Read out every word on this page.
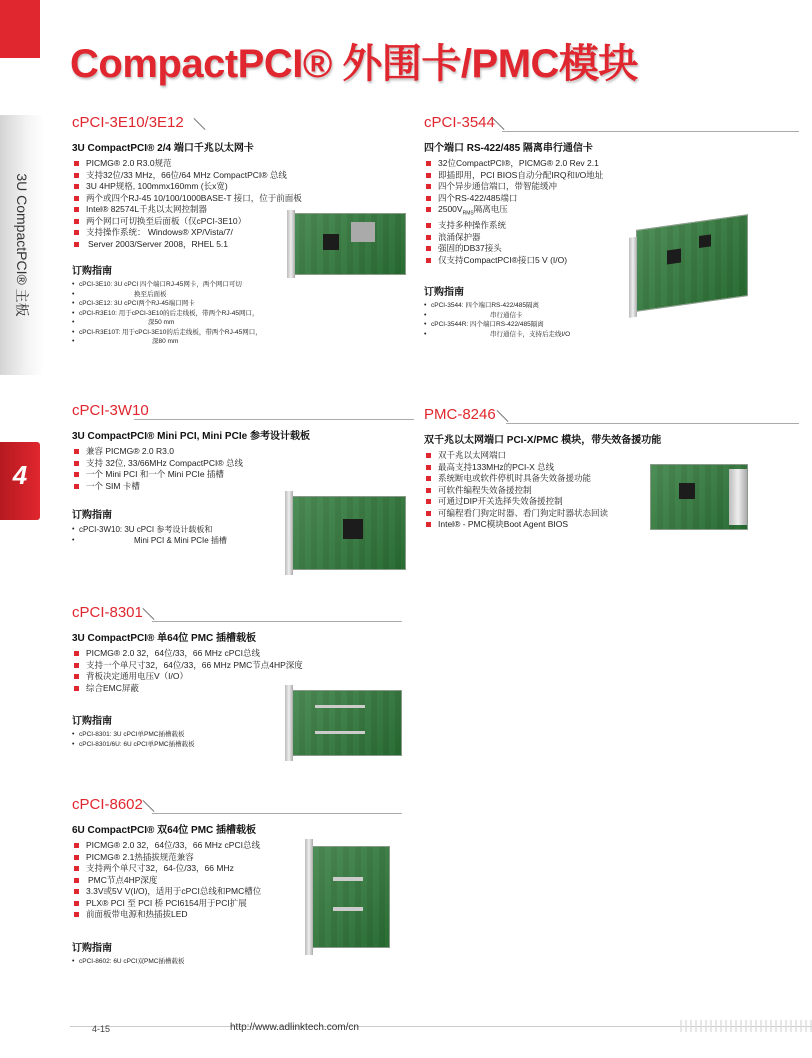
CompactPCI® 外围卡/PMC模块
3U CompactPCI® 主板
4
cPCI-3E10/3E12
3U CompactPCI® 2/4 端口千兆以太网卡
PICMG® 2.0 R3.0规范
支持32位/33 MHz，66位/64 MHz CompactPCI® 总线
3U 4HP规格, 100mmx160mm (长x宽)
两个或四个RJ-45 10/100/1000BASE-T 接口，位于前面板
Intel® 82574L千兆以太网控制器
两个网口可切换至后面板（仅cPCI-3E10）
支持操作系统： Windows® XP/Vista/7/
Server 2003/Server 2008，RHEL 5.1
订购指南
• cPCI-3E10: 3U cPCI 四个端口RJ-45网卡，两个网口可切
• 换至后面板
• cPCI-3E12: 3U cPCI两个RJ-45端口网卡
• cPCI-R3E10: 用于cPCI-3E10的后走线板，带两个RJ-45网口，
• 深50 mm
• cPCI-R3E10T: 用于cPCI-3E10的后走线板，带两个RJ-45网口，
• 深80 mm
cPCI-3544
四个端口 RS-422/485 隔离串行通信卡
32位CompactPCI®，PICMG® 2.0 Rev 2.1
即插即用，PCI BIOS自动分配IRQ和I/O地址
四个异步通信端口，带智能缓冲
四个RS-422/485端口
$2500V_{RMS}$隔离电压
支持多种操作系统
浪涌保护器
强固的DB37接头
仅支持CompactPCI®接口5 V (I/O)
订购指南
• cPCI-3544: 四个端口RS-422/485隔离
• 串行通信卡
• cPCI-3544R: 四个端口RS-422/485隔离
• 串行通信卡，支持后走线I/O
cPCI-3W10
3U CompactPCI® Mini PCI, Mini PCIe 参考设计载板
兼容 PICMG® 2.0 R3.0
支持 32位, 33/66MHz CompactPCI® 总线
一个 Mini PCI 和一个 Mini PCIe 插槽
一个 SIM 卡槽
订购指南
• cPCI-3W10: 3U cPCI 参考设计载板和
• Mini PCI & Mini PCIe 插槽
PMC-8246
双千兆以太网端口 PCI-X/PMC 模块，带失效备援功能
双千兆以太网端口
最高支持133MHz的PCI-X 总线
系统断电或软件停机时具备失效备援功能
可软件编程失效备援控制
可通过DIP开关选择失效备援控制
可编程看门狗定时器、看门狗定时器状态回读
Intel® - PMC模块Boot Agent BIOS
cPCI-8301
3U CompactPCI® 单64位 PMC 插槽载板
PICMG® 2.0 32，64位/33，66 MHz cPCI总线
支持一个单尺寸32，64位/33，66 MHz PMC节点4HP深度
背板决定通用电压V（I/O）
综合EMC屏蔽
订购指南
• cPCI-8301: 3U cPCI单PMC插槽载板
• cPCI-8301/6U: 6U cPCI单PMC插槽载板
cPCI-8602
6U CompactPCI® 双64位 PMC 插槽载板
PICMG® 2.0 32，64位/33，66 MHz cPCI总线
PICMG® 2.1热插拔规范兼容
支持两个单尺寸32，64-位/33，66 MHz
PMC节点4HP深度
3.3V或5V V(I/O)，适用于cPCI总线和PMC槽位
PLX® PCI 至 PCI 桥 PCI6154用于PCI扩展
前面板带电源和热插拔LED
订购指南
• cPCI-8602: 6U cPCI双PMC插槽载板
4-15	http://www.adlinktech.com/cn
